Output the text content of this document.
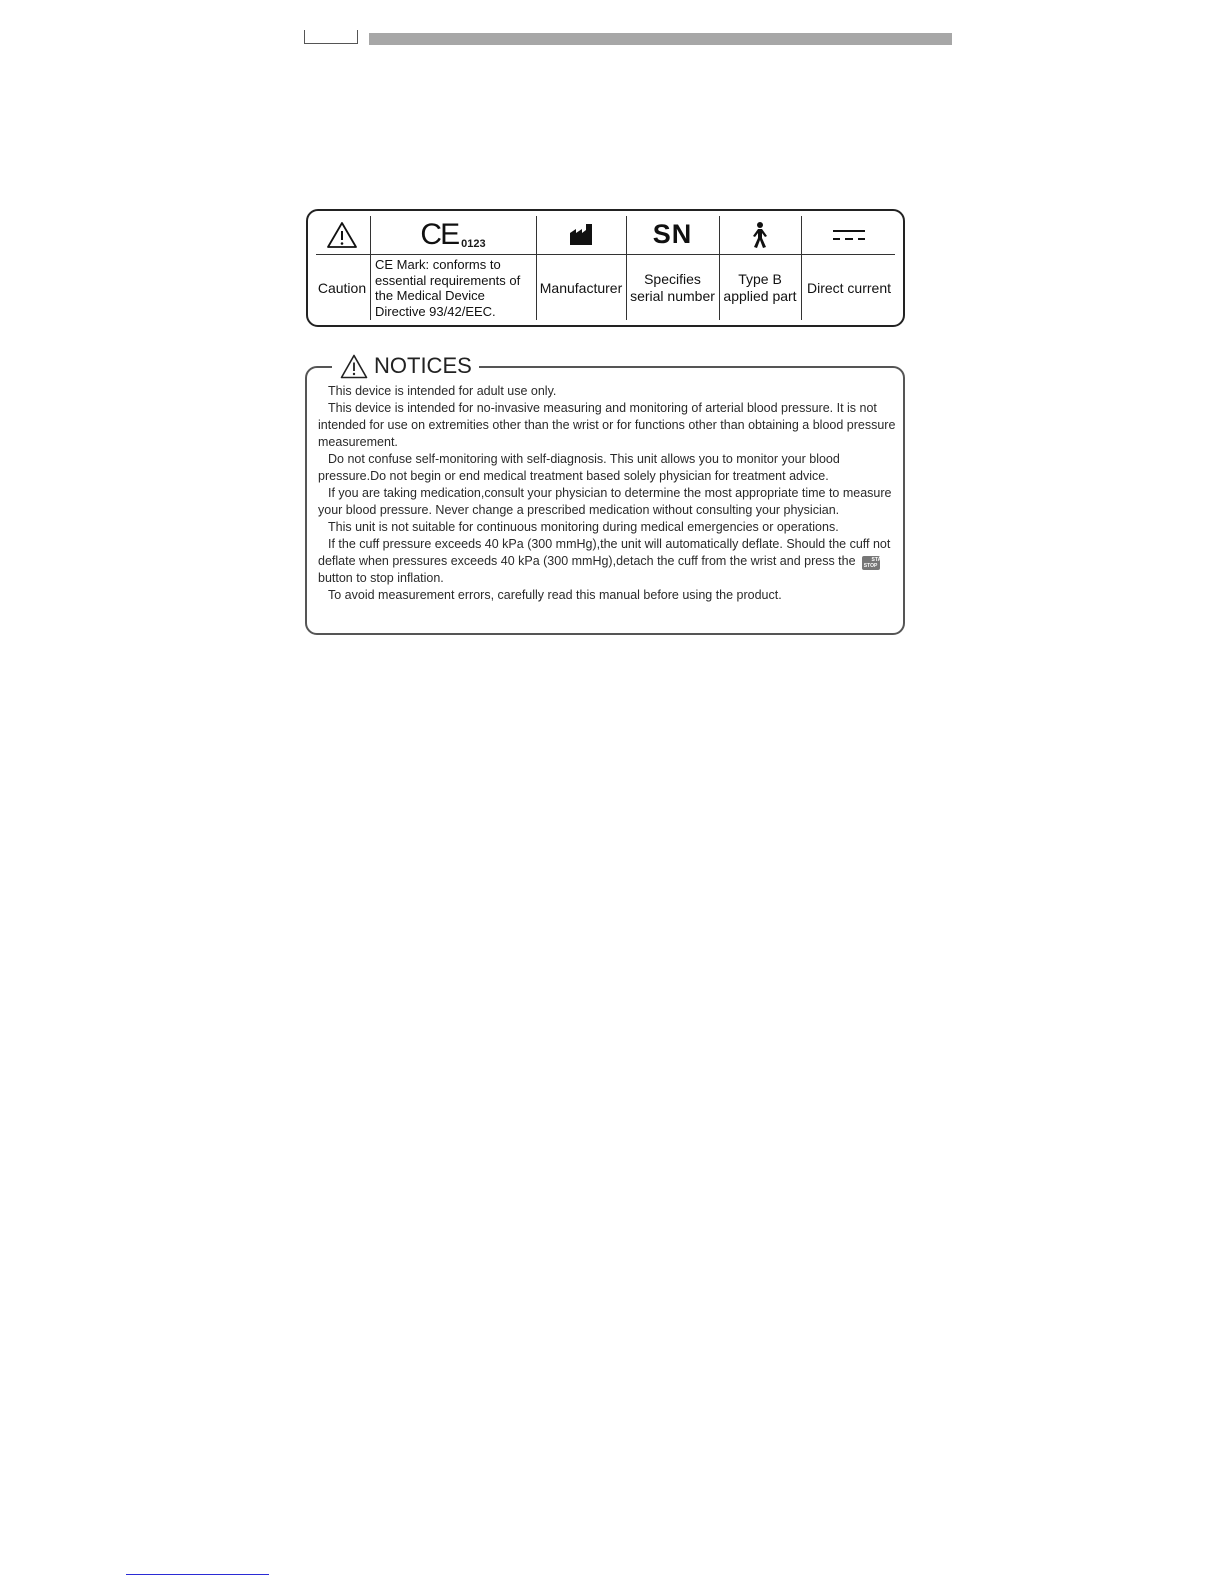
Caution
CE 0123
CE Mark: conforms to essential requirements of the Medical Device Directive 93/42/EEC.
Manufacturer
SN
Specifies serial number
Type B applied part
Direct current
NOTICES

This device is intended for adult use only.

This device is intended for no-invasive measuring and monitoring of arterial blood pressure. It is not intended for use on extremities other than the wrist or for functions other than obtaining a blood pressure measurement.

Do not confuse self-monitoring with self-diagnosis. This unit allows you to monitor your blood pressure.Do not begin or end medical treatment based solely physician for treatment advice.

If you are taking medication,consult your physician to determine the most appropriate time to measure your blood pressure. Never change a prescribed medication without consulting your physician.

This unit is not suitable for continuous monitoring during medical emergencies or operations.

If the cuff pressure exceeds 40 kPa (300 mmHg),the unit will automatically deflate. Should the cuff not deflate when pressures exceeds 40 kPa (300 mmHg),detach the cuff from the wrist and press the	START
STOPbutton to stop inflation.

To avoid measurement errors, carefully read this manual before using the product.
